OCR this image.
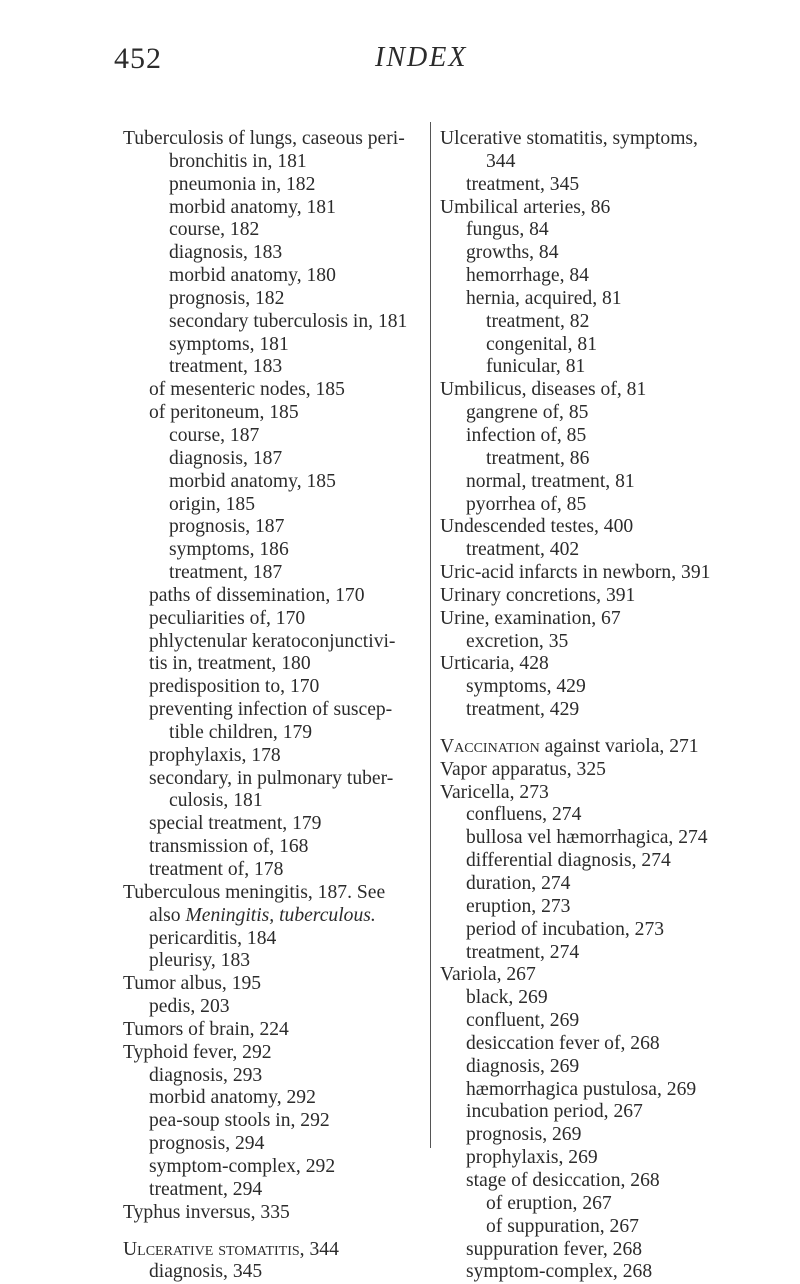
452	INDEX
Tuberculosis of lungs, caseous peri-
bronchitis in, 181
pneumonia in, 182
morbid anatomy, 181
course, 182
diagnosis, 183
morbid anatomy, 180
prognosis, 182
secondary tuberculosis in, 181
symptoms, 181
treatment, 183
of mesenteric nodes, 185
of peritoneum, 185
course, 187
diagnosis, 187
morbid anatomy, 185
origin, 185
prognosis, 187
symptoms, 186
treatment, 187
paths of dissemination, 170
peculiarities of, 170
phlyctenular keratoconjunctivi-
tis in, treatment, 180
predisposition to, 170
preventing infection of suscep-
tible children, 179
prophylaxis, 178
secondary, in pulmonary tuber-
culosis, 181
special treatment, 179
transmission of, 168
treatment of, 178
Tuberculous meningitis, 187. See
also Meningitis, tuberculous.
pericarditis, 184
pleurisy, 183
Tumor albus, 195
pedis, 203
Tumors of brain, 224
Typhoid fever, 292
diagnosis, 293
morbid anatomy, 292
pea-soup stools in, 292
prognosis, 294
symptom-complex, 292
treatment, 294
Typhus inversus, 335
Ulcerative stomatitis, 344
diagnosis, 345
Ulcerative stomatitis, symptoms,
344
treatment, 345
Umbilical arteries, 86
fungus, 84
growths, 84
hemorrhage, 84
hernia, acquired, 81
treatment, 82
congenital, 81
funicular, 81
Umbilicus, diseases of, 81
gangrene of, 85
infection of, 85
treatment, 86
normal, treatment, 81
pyorrhea of, 85
Undescended testes, 400
treatment, 402
Uric-acid infarcts in newborn, 391
Urinary concretions, 391
Urine, examination, 67
excretion, 35
Urticaria, 428
symptoms, 429
treatment, 429
Vaccination against variola, 271
Vapor apparatus, 325
Varicella, 273
confluens, 274
bullosa vel hæmorrhagica, 274
differential diagnosis, 274
duration, 274
eruption, 273
period of incubation, 273
treatment, 274
Variola, 267
black, 269
confluent, 269
desiccation fever of, 268
diagnosis, 269
hæmorrhagica pustulosa, 269
incubation period, 267
prognosis, 269
prophylaxis, 269
stage of desiccation, 268
of eruption, 267
of suppuration, 267
suppuration fever, 268
symptom-complex, 268
